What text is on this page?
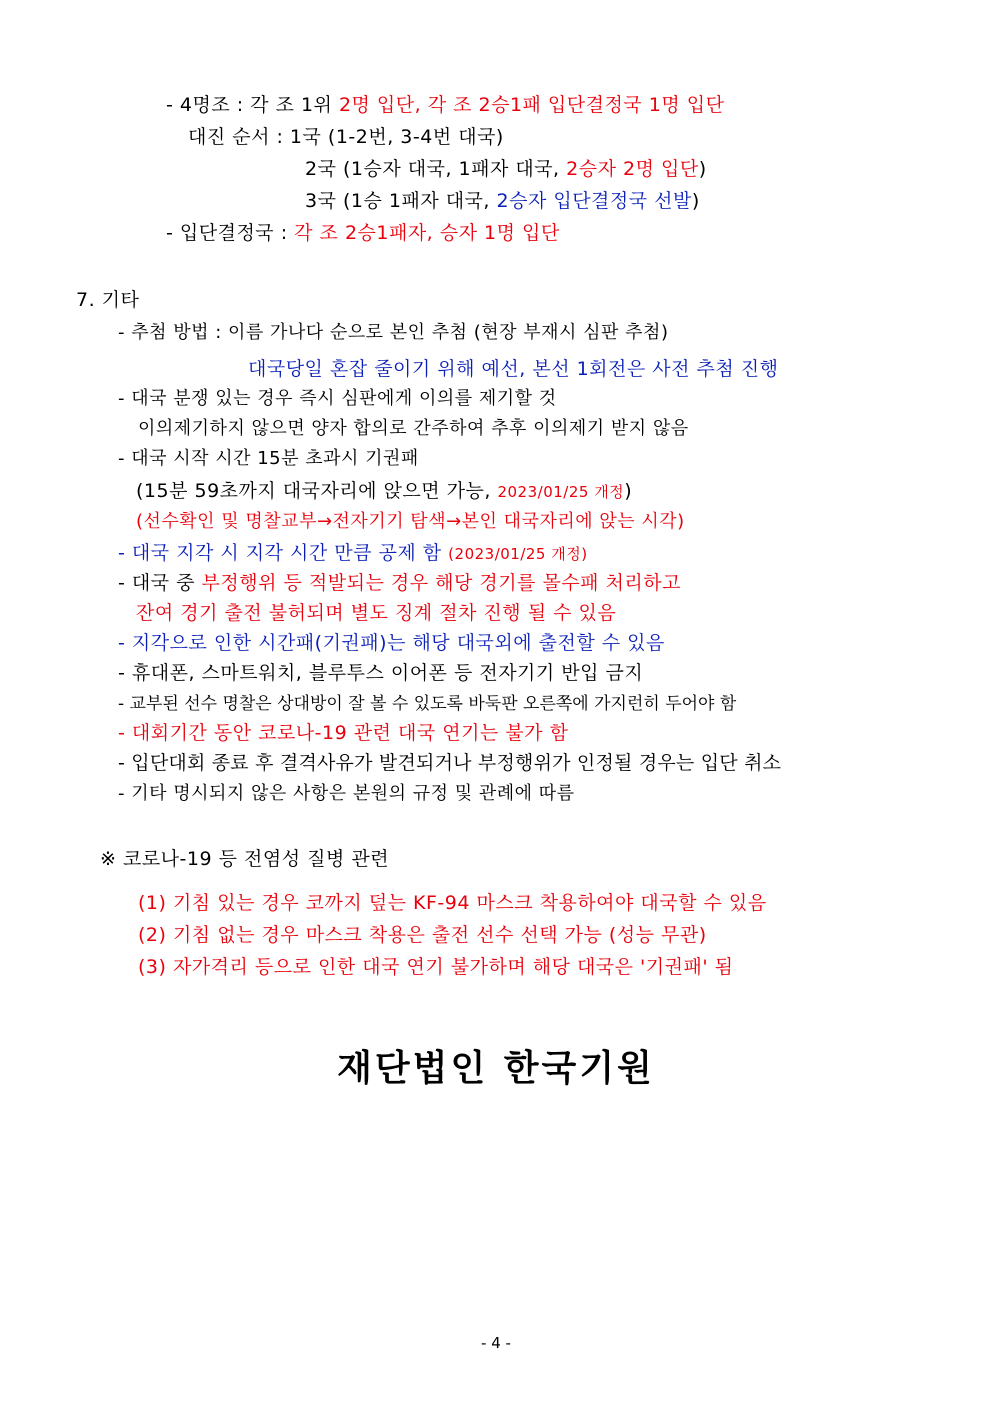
- 4명조 : 각 조 1위 2명 입단, 각 조 2승1패 입단결정국 1명 입단
대진 순서 : 1국 (1-2번, 3-4번 대국)
2국 (1승자 대국, 1패자 대국, 2승자 2명 입단)
3국 (1승 1패자 대국, 2승자 입단결정국 선발)
- 입단결정국 : 각 조 2승1패자, 승자 1명 입단
7. 기타
- 추첨 방법 : 이름 가나다 순으로 본인 추첨 (현장 부재시 심판 추첨)
대국당일 혼잡 줄이기 위해 예선, 본선 1회전은 사전 추첨 진행
- 대국 분쟁 있는 경우 즉시 심판에게 이의를 제기할 것
이의제기하지 않으면 양자 합의로 간주하여 추후 이의제기 받지 않음
- 대국 시작 시간 15분 초과시 기권패
(15분 59초까지 대국자리에 앉으면 가능, 2023/01/25 개정)
(선수확인 및 명찰교부→전자기기 탐색→본인 대국자리에 앉는 시각)
- 대국 지각 시 지각 시간 만큼 공제 함 (2023/01/25 개정)
- 대국 중 부정행위 등 적발되는 경우 해당 경기를 몰수패 처리하고
잔여 경기 출전 불허되며 별도 징계 절차 진행 될 수 있음
- 지각으로 인한 시간패(기권패)는 해당 대국외에 출전할 수 있음
- 휴대폰, 스마트워치, 블루투스 이어폰 등 전자기기 반입 금지
- 교부된 선수 명찰은 상대방이 잘 볼 수 있도록 바둑판 오른쪽에 가지런히 두어야 함
- 대회기간 동안 코로나-19 관련 대국 연기는 불가 함
- 입단대회 종료 후 결격사유가 발견되거나 부정행위가 인정될 경우는 입단 취소
- 기타 명시되지 않은 사항은 본원의 규정 및 관례에 따름
※ 코로나-19 등 전염성 질병 관련
(1) 기침 있는 경우 코까지 덮는 KF-94 마스크 착용하여야 대국할 수 있음
(2) 기침 없는 경우 마스크 착용은 출전 선수 선택 가능 (성능 무관)
(3) 자가격리 등으로 인한 대국 연기 불가하며 해당 대국은 '기권패' 됨
재단법인 한국기원
- 4 -
